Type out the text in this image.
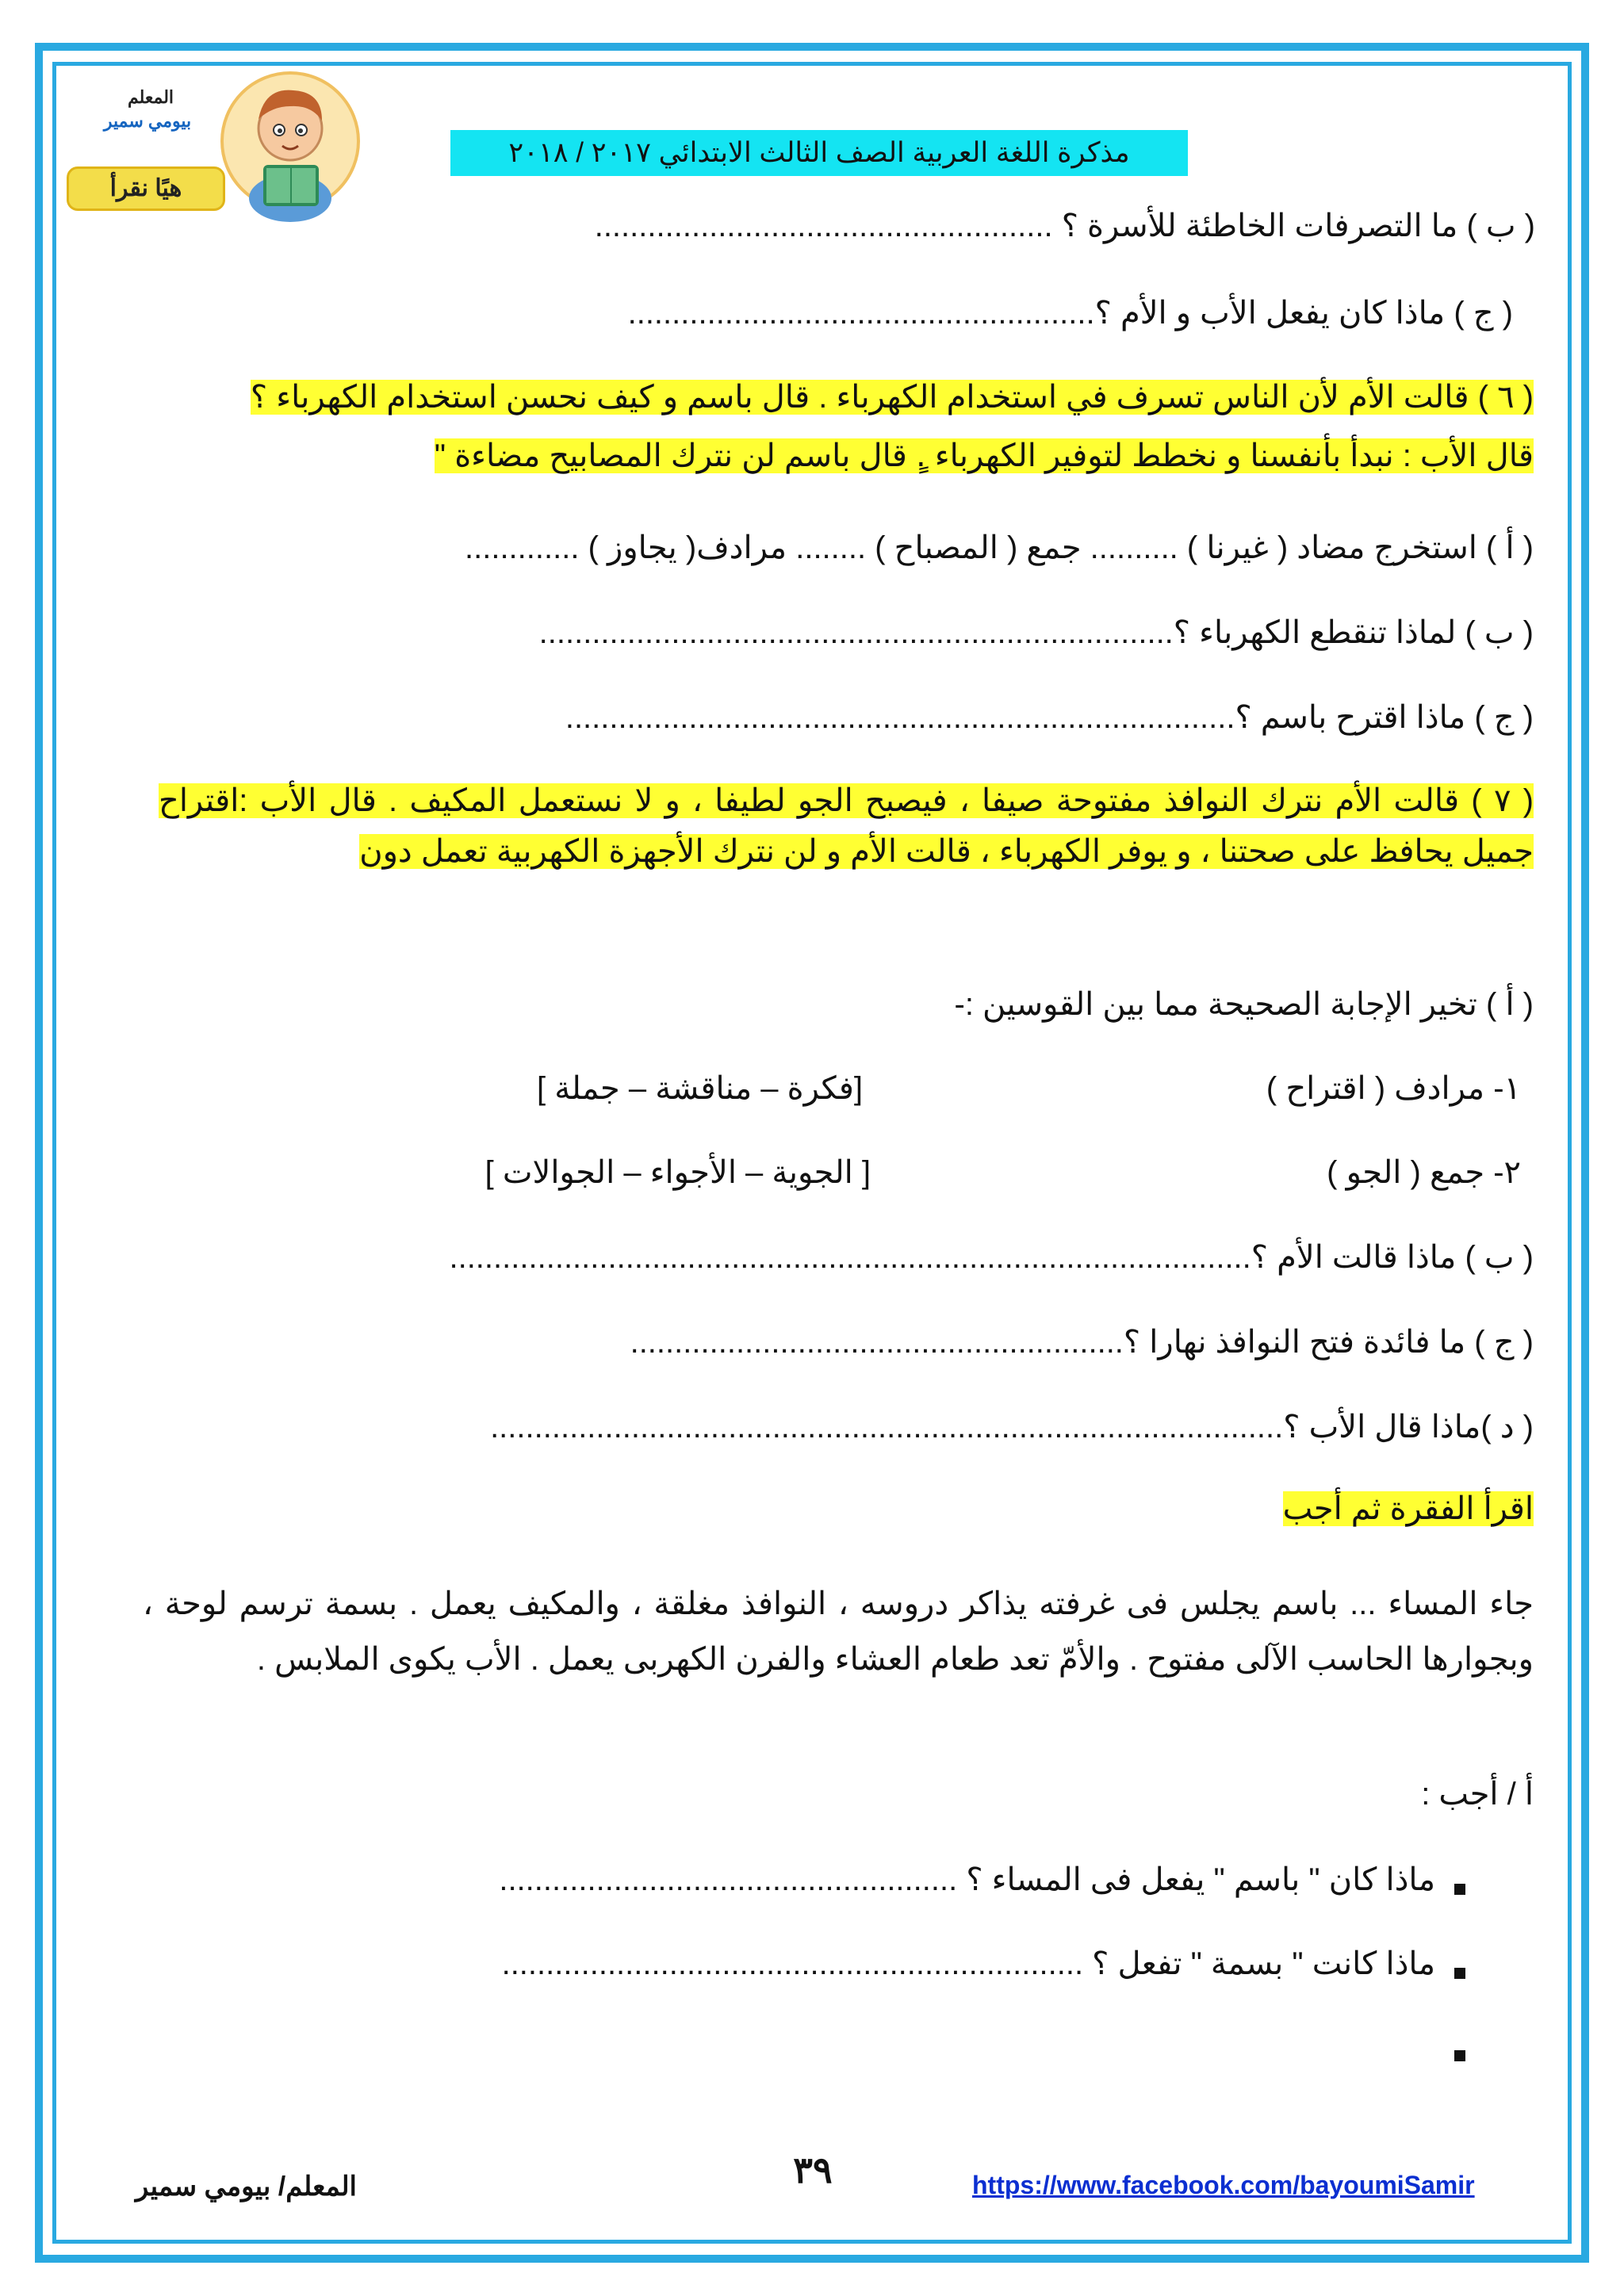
المعلم
بيومي سمير
هيًا نقرأ
مذكرة اللغة العربية الصف الثالث الابتدائي ٢٠١٧ / ٢٠١٨
( ب ) ما التصرفات الخاطئة للأسرة ؟ ....................................................
( ج ) ماذا كان يفعل الأب و الأم ؟.....................................................
( ٦ ) قالت الأم لأن الناس تسرف في استخدام الكهرباء . قال باسم و كيف نحسن استخدام الكهرباء ؟
قال الأب : نبدأ بأنفسنا و نخطط لتوفير الكهرباء .ٍ قال باسم لن نترك المصابيح مضاءة "
( أ ) استخرج مضاد ( غيرنا ) .......... جمع ( المصباح ) ........ مرادف( يجاوز ) .............
( ب ) لماذا تنقطع الكهرباء ؟........................................................................
( ج ) ماذا اقترح باسم ؟............................................................................
( ٧ ) قالت الأم نترك النوافذ مفتوحة صيفا ، فيصبح الجو لطيفا ، و لا نستعمل المكيف . قال الأب :اقتراح جميل يحافظ على صحتنا ، و يوفر الكهرباء ، قالت الأم و لن نترك الأجهزة الكهربية تعمل دون
( أ ) تخير الإجابة الصحيحة مما بين القوسين :-
١- مرادف ( اقتراح )
[فكرة – مناقشة – جملة ]
٢- جمع ( الجو )
[ الجوية – الأجواء – الجوالات ]
( ب ) ماذا قالت الأم ؟...........................................................................................
( ج ) ما فائدة فتح النوافذ نهارا ؟........................................................
( د )ماذا قال الأب ؟..........................................................................................
اقرأ الفقرة ثم أجب
جاء المساء ... باسم يجلس فى غرفته يذاكر دروسه ، النوافذ مغلقة ، والمكيف يعمل . بسمة ترسم لوحة ، وبجوارها الحاسب الآلى مفتوح . والأمّ تعد طعام العشاء والفرن الكهربى يعمل . الأب يكوى الملابس .
أ / أجب :
ماذا كان " باسم " يفعل فى المساء ؟ ....................................................
ماذا كانت " بسمة " تفعل ؟ ..................................................................
المعلم/ بيومي سمير	٣٩	https://www.facebook.com/bayoumiSamir
